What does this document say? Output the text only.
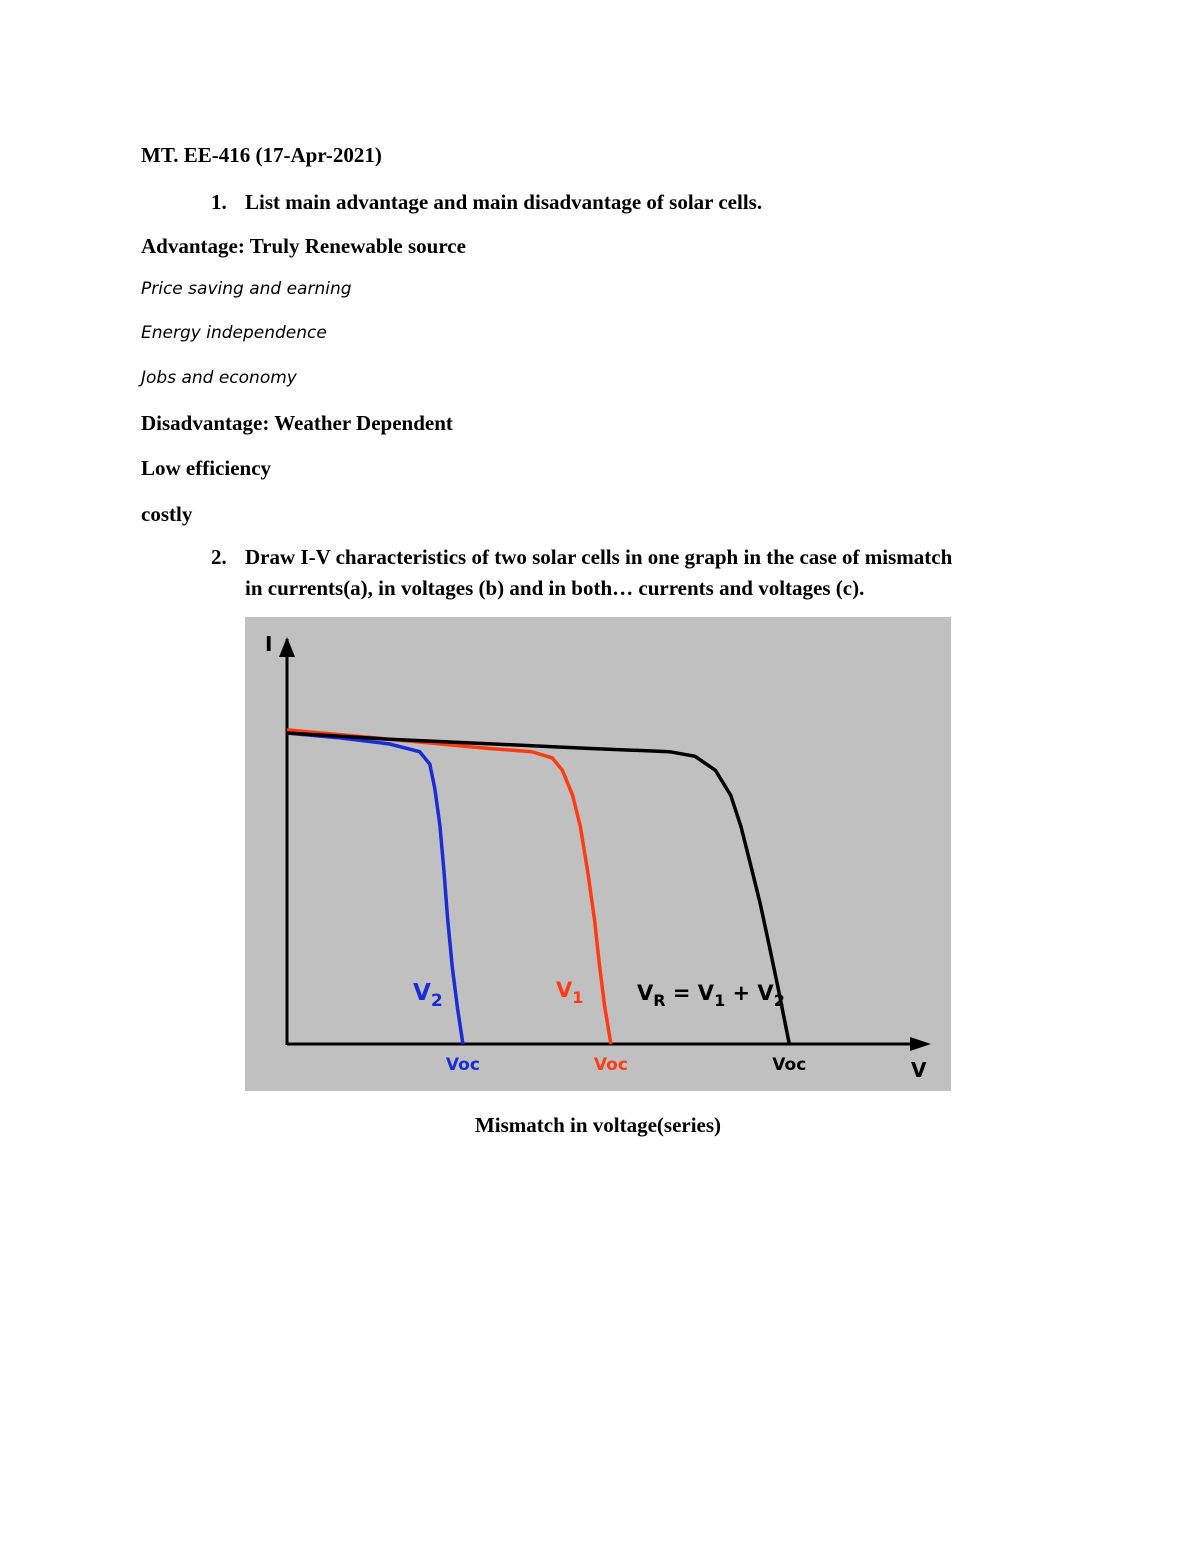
MT. EE-416 (17-Apr-2021)
1. List main advantage and main disadvantage of solar cells.
Advantage: Truly Renewable source
Price saving and earning
Energy independence
Jobs and economy
Disadvantage: Weather Dependent
Low efficiency
costly
2. Draw I-V characteristics of two solar cells in one graph in the case of mismatch
in currents(a), in voltages (b) and in both… currents and voltages (c).
I
V
$V_2$	$V_1$	$V_R = V_1 + V_2$
Voc	Voc	Voc
Mismatch in voltage(series)
